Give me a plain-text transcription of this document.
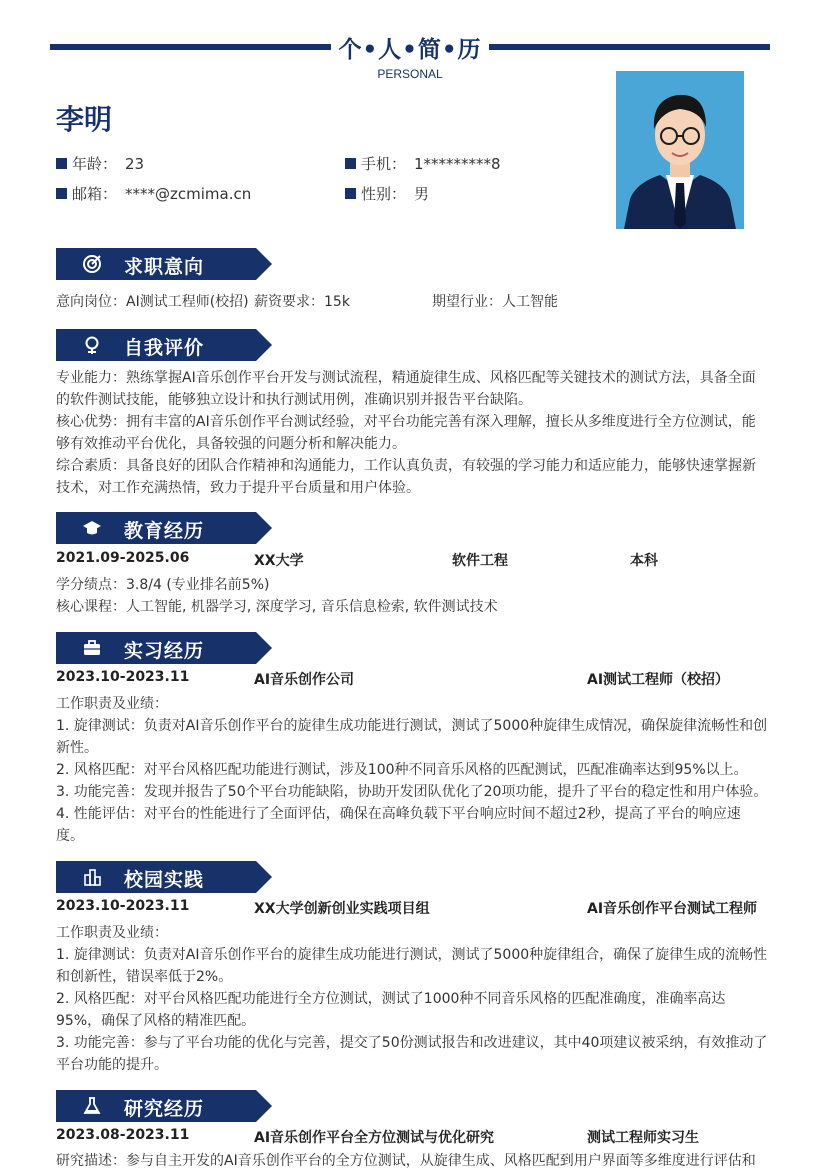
个•人•简•历
PERSONAL
李明
年龄： 23	手机： 1*********8
邮箱： ****@zcmima.cn	性别： 男
求职意向
意向岗位：AI测试工程师(校招) 薪资要求：15k	期望行业：人工智能
自我评价
专业能力：熟练掌握AI音乐创作平台开发与测试流程，精通旋律生成、风格匹配等关键技术的测试方法，具备全面的软件测试技能，能够独立设计和执行测试用例，准确识别并报告平台缺陷。
核心优势：拥有丰富的AI音乐创作平台测试经验，对平台功能完善有深入理解，擅长从多维度进行全方位测试，能够有效推动平台优化，具备较强的问题分析和解决能力。
综合素质：具备良好的团队合作精神和沟通能力，工作认真负责，有较强的学习能力和适应能力，能够快速掌握新技术，对工作充满热情，致力于提升平台质量和用户体验。
教育经历
2021.09-2025.06	XX大学	软件工程	本科
学分绩点：3.8/4 (专业排名前5%)
核心课程：人工智能, 机器学习, 深度学习, 音乐信息检索, 软件测试技术
实习经历
2023.10-2023.11	AI音乐创作公司	AI测试工程师（校招）
工作职责及业绩：
1. 旋律测试：负责对AI音乐创作平台的旋律生成功能进行测试，测试了5000种旋律生成情况，确保旋律流畅性和创新性。
2. 风格匹配：对平台风格匹配功能进行测试，涉及100种不同音乐风格的匹配测试，匹配准确率达到95%以上。
3. 功能完善：发现并报告了50个平台功能缺陷，协助开发团队优化了20项功能，提升了平台的稳定性和用户体验。
4. 性能评估：对平台的性能进行了全面评估，确保在高峰负载下平台响应时间不超过2秒，提高了平台的响应速度。
校园实践
2023.10-2023.11	XX大学创新创业实践项目组	AI音乐创作平台测试工程师
工作职责及业绩：
1. 旋律测试：负责对AI音乐创作平台的旋律生成功能进行测试，测试了5000种旋律组合，确保了旋律生成的流畅性和创新性，错误率低于2%。
2. 风格匹配：对平台风格匹配功能进行全方位测试，测试了1000种不同音乐风格的匹配准确度，准确率高达95%，确保了风格的精准匹配。
3. 功能完善：参与了平台功能的优化与完善，提交了50份测试报告和改进建议，其中40项建议被采纳，有效推动了平台功能的提升。
研究经历
2023.08-2023.11	AI音乐创作平台全方位测试与优化研究	测试工程师实习生
研究描述：参与自主开发的AI音乐创作平台的全方位测试，从旋律生成、风格匹配到用户界面等多维度进行评估和
